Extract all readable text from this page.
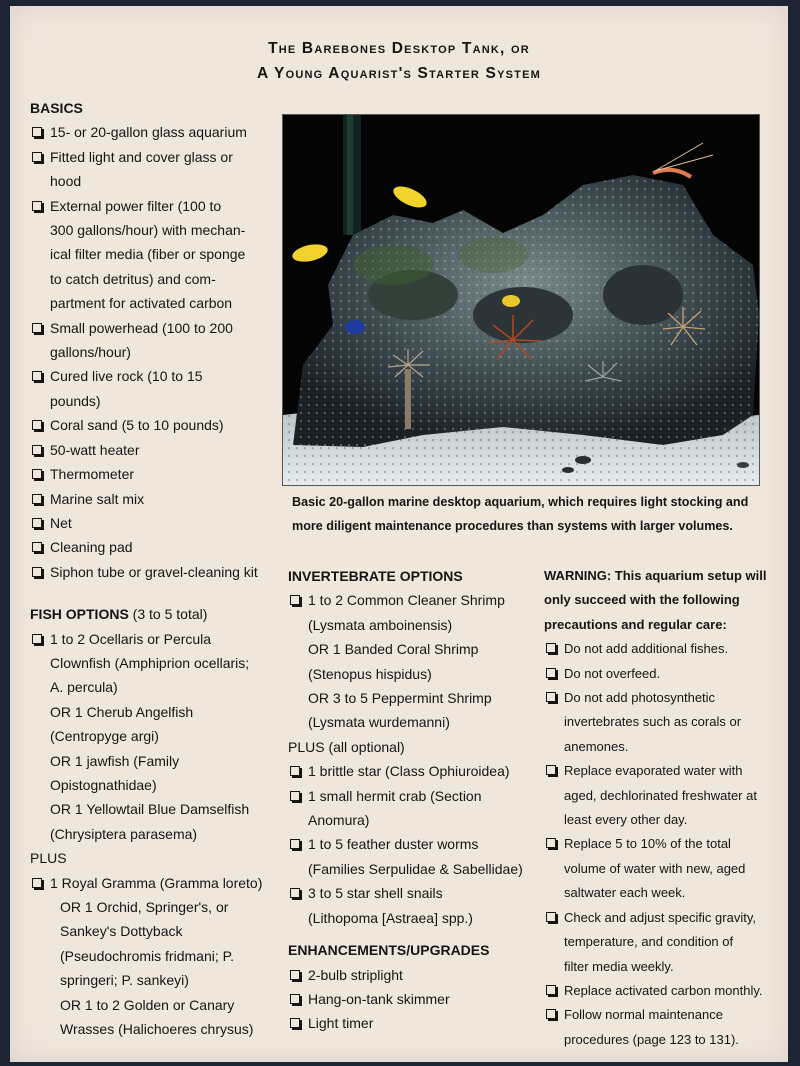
The Barebones Desktop Tank, or
A Young Aquarist's Starter System
BASICS
15- or 20-gallon glass aquarium
Fitted light and cover glass or
hood
External power filter (100 to
300 gallons/hour) with mechan-
ical filter media (fiber or sponge
to catch detritus) and com-
partment for activated carbon
Small powerhead (100 to 200
gallons/hour)
Cured live rock (10 to 15
pounds)
Coral sand (5 to 10 pounds)
50-watt heater
Thermometer
Marine salt mix
Net
Cleaning pad
Siphon tube or gravel-cleaning kit
FISH OPTIONS (3 to 5 total)
1 to 2 Ocellaris or Percula
Clownfish (Amphiprion ocellaris;
A. percula)
OR 1 Cherub Angelfish
(Centropyge argi)
OR 1 jawfish (Family
Opistognathidae)
OR 1 Yellowtail Blue Damselfish
(Chrysiptera parasema)
PLUS
1 Royal Gramma (Gramma loreto)
OR 1 Orchid, Springer's, or
Sankey's Dottyback
(Pseudochromis fridmani; P.
springeri; P. sankeyi)
OR 1 to 2 Golden or Canary
Wrasses (Halichoeres chrysus)
Basic 20-gallon marine desktop aquarium, which requires light stocking and
more diligent maintenance procedures than systems with larger volumes.
INVERTEBRATE OPTIONS
1 to 2 Common Cleaner Shrimp
(Lysmata amboinensis)
OR 1 Banded Coral Shrimp
(Stenopus hispidus)
OR 3 to 5 Peppermint Shrimp
(Lysmata wurdemanni)
PLUS (all optional)
1 brittle star (Class Ophiuroidea)
1 small hermit crab (Section
Anomura)
1 to 5 feather duster worms
(Families Serpulidae & Sabellidae)
3 to 5 star shell snails
(Lithopoma [Astraea] spp.)
ENHANCEMENTS/UPGRADES
2-bulb striplight
Hang-on-tank skimmer
Light timer
WARNING: This aquarium setup will
only succeed with the following
precautions and regular care:
Do not add additional fishes.
Do not overfeed.
Do not add photosynthetic
invertebrates such as corals or
anemones.
Replace evaporated water with
aged, dechlorinated freshwater at
least every other day.
Replace 5 to 10% of the total
volume of water with new, aged
saltwater each week.
Check and adjust specific gravity,
temperature, and condition of
filter media weekly.
Replace activated carbon monthly.
Follow normal maintenance
procedures (page 123 to 131).
